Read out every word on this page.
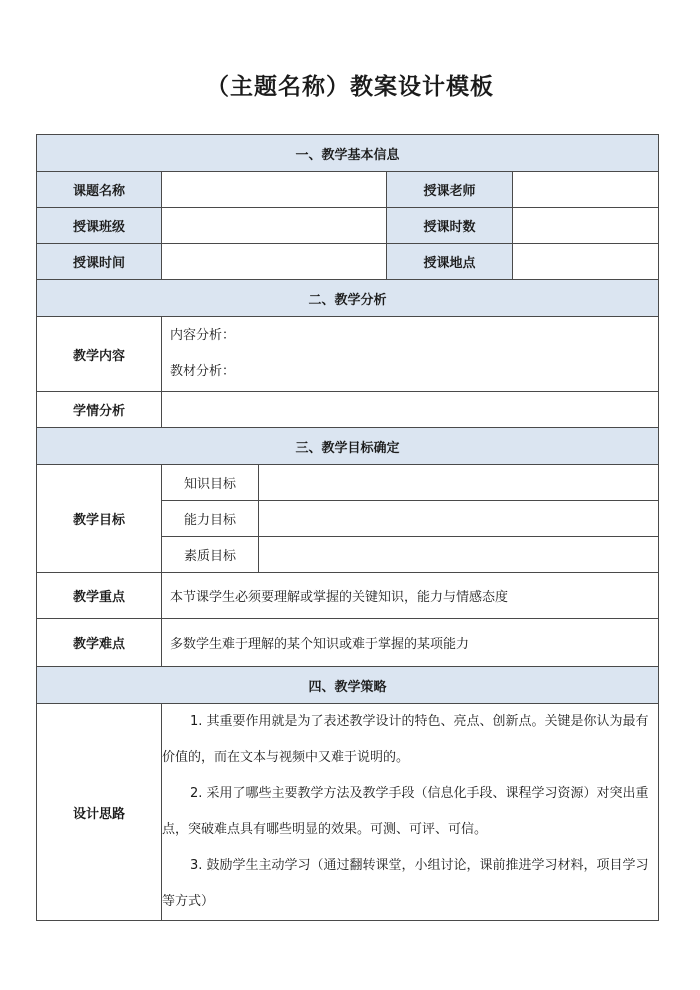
（主题名称）教案设计模板
一、教学基本信息				
课题名称			授课老师	
授课班级			授课时数	
授课时间			授课地点	
二、教学分析				
教学内容	内容分析：
教材分析：			

学情分析				
三、教学目标确定				
教学目标	知识目标			
	能力目标			
	素质目标			
教学重点	本节课学生必须要理解或掌握的关键知识，能力与情感态度			
教学难点	多数学生难于理解的某个知识或难于掌握的某项能力			
四、教学策略				
设计思路	1. 其重要作用就是为了表述教学设计的特色、亮点、创新点。关键是你认为最有价值的，而在文本与视频中又难于说明的。

2. 采用了哪些主要教学方法及教学手段（信息化手段、课程学习资源）对突出重点，突破难点具有哪些明显的效果。可测、可评、可信。

3. 鼓励学生主动学习（通过翻转课堂，小组讨论，课前推进学习材料，项目学习等方式）			
